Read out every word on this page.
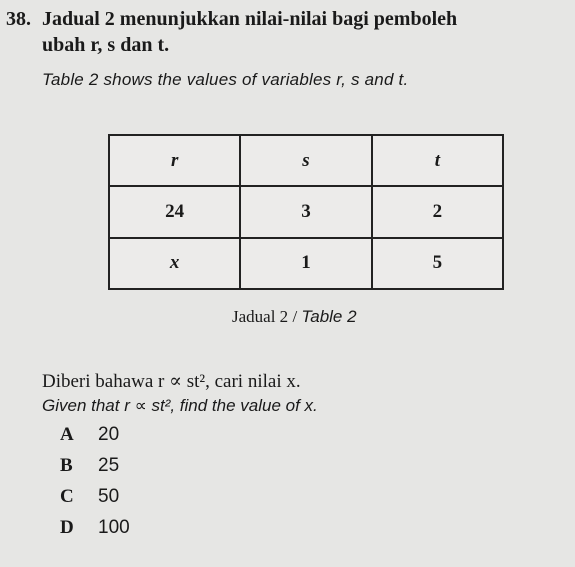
38. Jadual 2 menunjukkan nilai-nilai bagi pemboleh
ubah r, s dan t.
Table 2 shows the values of variables r, s and t.
r	s	t
24	3	2
x	1	5
Jadual 2 / Table 2
Diberi bahawa r ∝ st², cari nilai x.
Given that r ∝ st², find the value of x.
A 20
B 25
C 50
D 100
